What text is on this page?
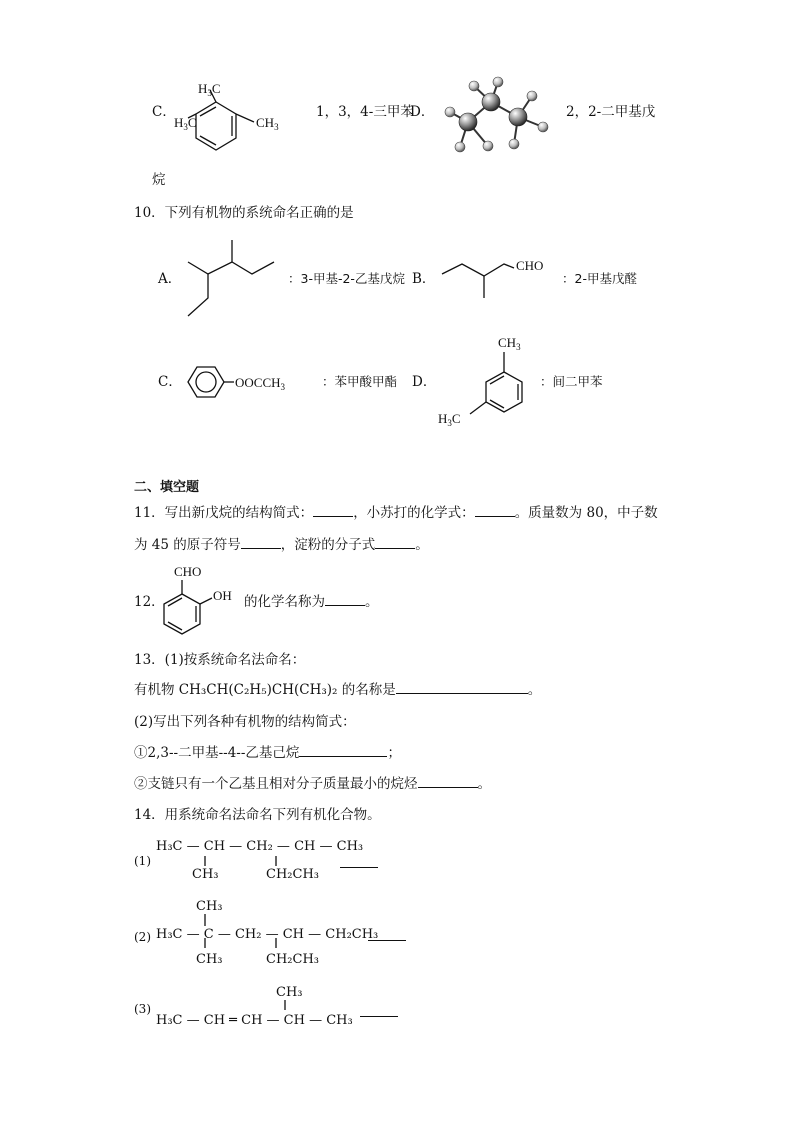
C．
$H_3C$
$H_3C$	$CH_3$
1，3，4-三甲苯
D．	2，2-二甲基戊
烷
10．下列有机物的系统命名正确的是
A．	：3-甲基-2-乙基戊烷 B．
CHO
：2-甲基戊醛
C．	$OOCCH_3$	：苯甲酸甲酯 D．
$CH_3$
$H_3C$
：间二甲苯
二、填空题
11．写出新戊烷的结构简式：	，小苏打的化学式：	。质量数为 80，中子数
为 45 的原子符号	，淀粉的分子式	。
12．
CHO
OH 的化学名称为	。
13．(1)按系统命名法命名：
有机物 CH₃CH(C₂H₅)CH(CH₃)₂ 的名称是	。
(2)写出下列各种有机物的结构简式：
①2,3--二甲基--4--乙基己烷	；
②支链只有一个乙基且相对分子质量最小的烷烃	。
14．用系统命名法命名下列有机化合物。
(1)
H₃C — CH — CH₂ — CH — CH₃
CH₃	CH₂CH₃
CH₃
(2) H₃C — C — CH₂ — CH — CH₂CH₃
CH₃	CH₂CH₃
CH₃
(3)
H₃C — CH ═ CH — CH — CH₃
